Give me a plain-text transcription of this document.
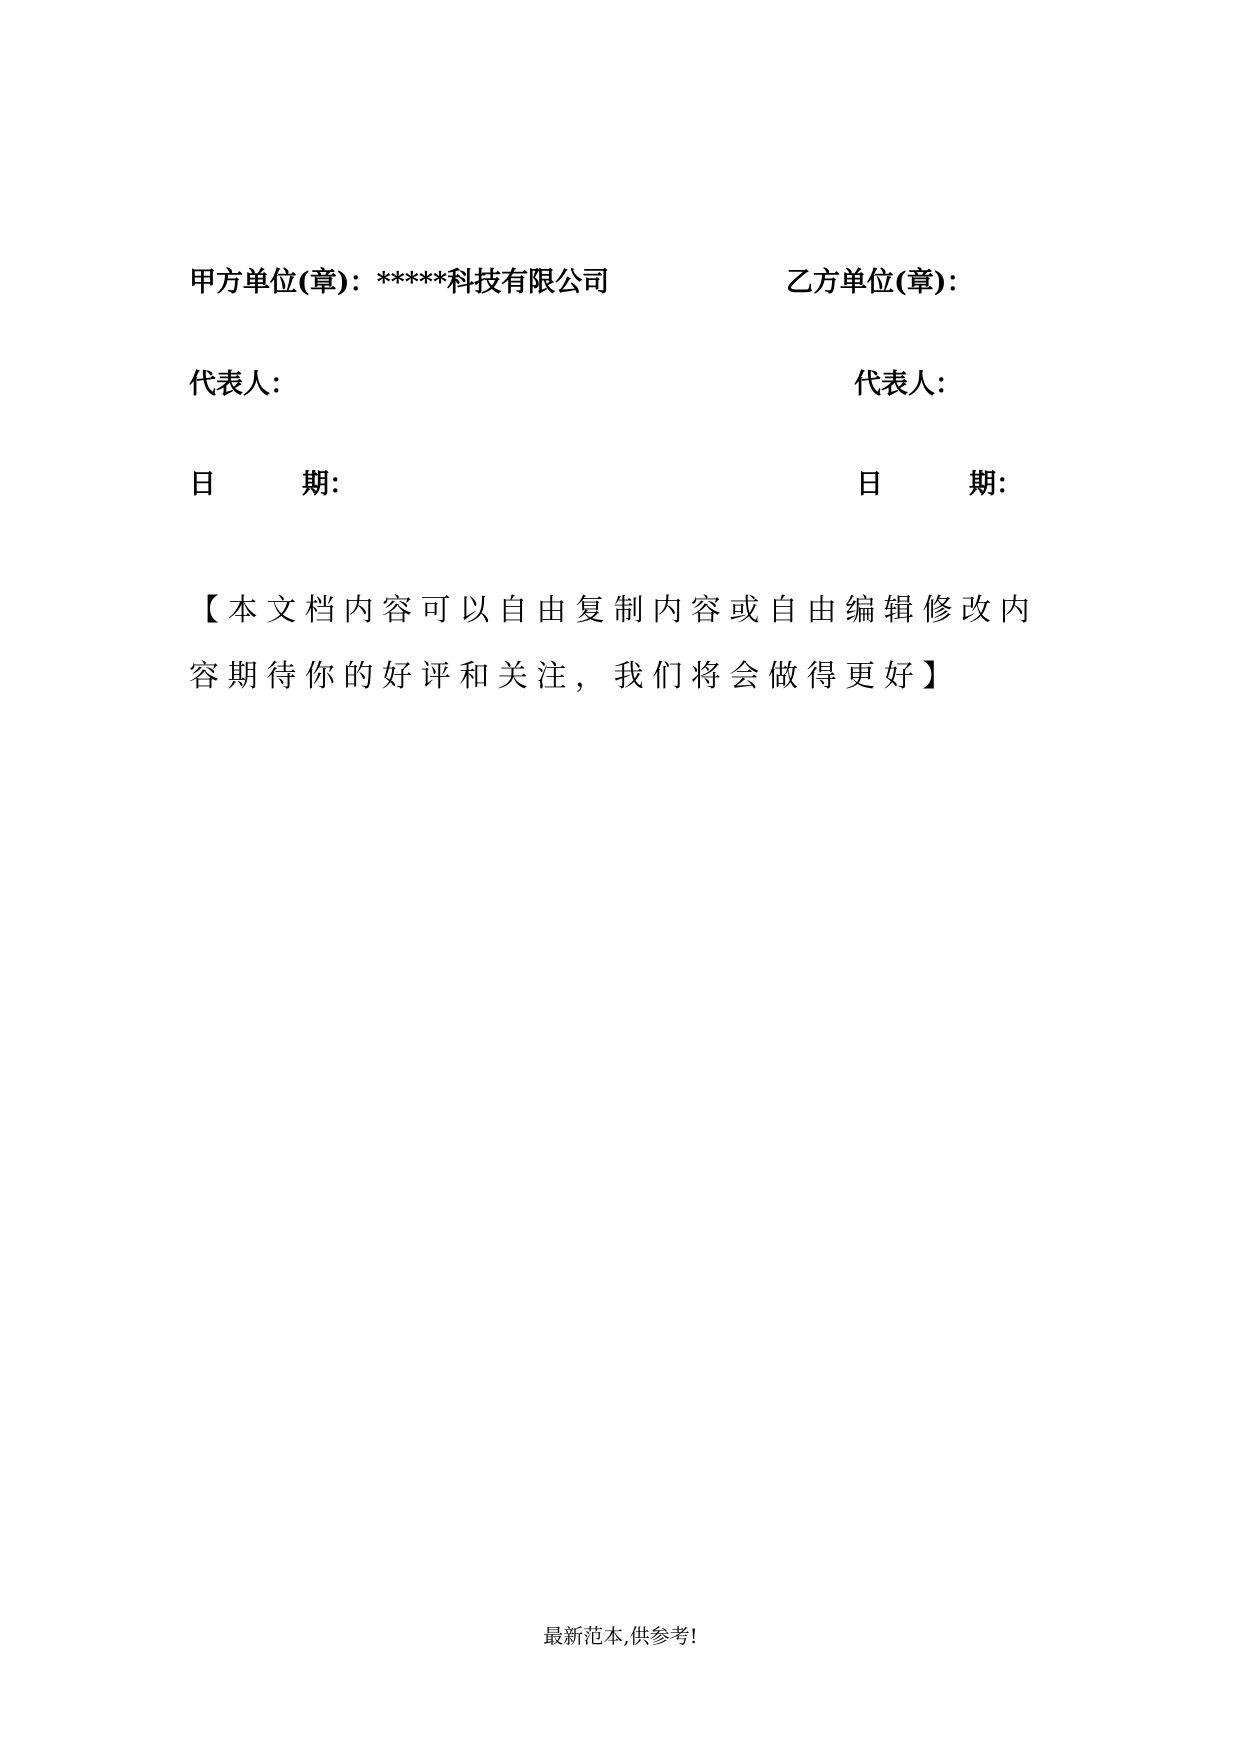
甲方单位(章)：*****科技有限公司
代表人：
日	期：
乙方单位(章)：
代表人：
日	期：
【本文档内容可以自由复制内容或自由编辑修改内容期待你的好评和关注，我们将会做得更好】
最新范本,供参考!
